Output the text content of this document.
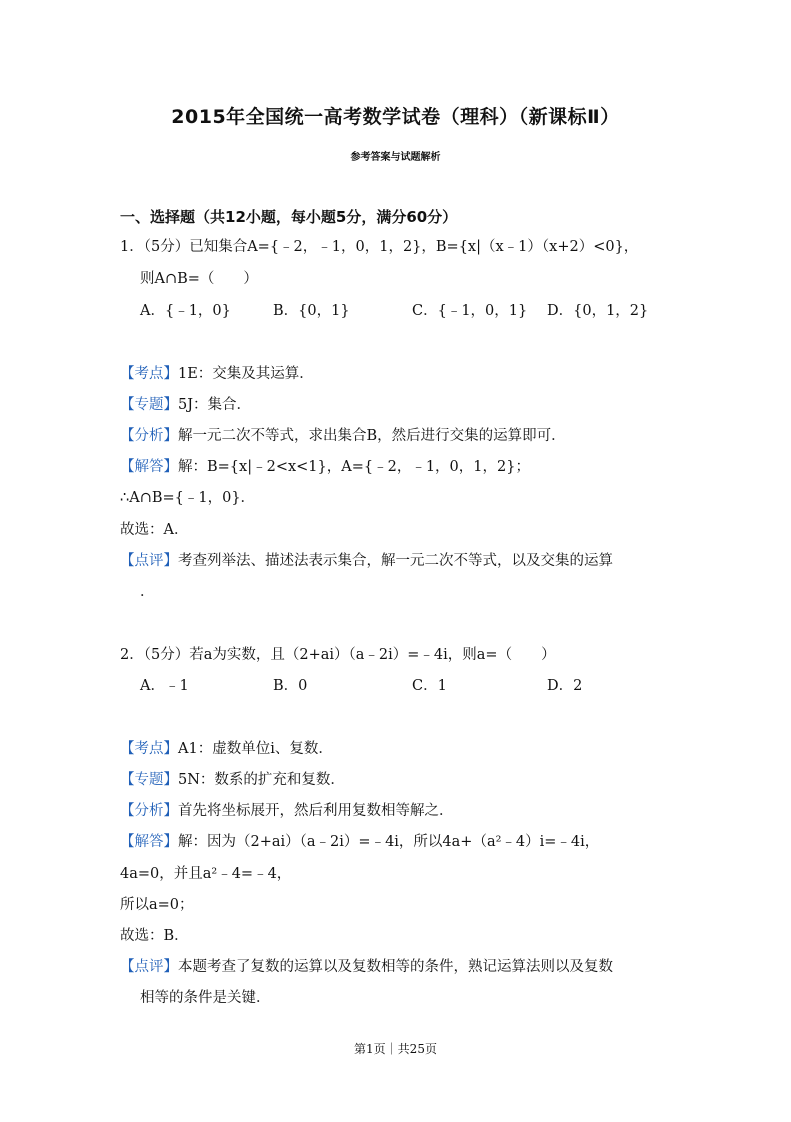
2015年全国统一高考数学试卷（理科）（新课标Ⅱ）
参考答案与试题解析
一、选择题（共12小题，每小题5分，满分60分）
1．（5分）已知集合A={﹣2，﹣1，0，1，2}，B={x|（x﹣1）（x+2）<0}，
则A∩B=（　　）
A．{﹣1，0}	B．{0，1}	C．{﹣1，0，1} D．{0，1，2}
【考点】1E：交集及其运算．
【专题】5J：集合．
【分析】解一元二次不等式，求出集合B，然后进行交集的运算即可．
【解答】解：B={x|﹣2<x<1}，A={﹣2，﹣1，0，1，2}；
∴A∩B={﹣1，0}．
故选：A．
【点评】考查列举法、描述法表示集合，解一元二次不等式，以及交集的运算
．
2．（5分）若a为实数，且（2+ai）（a﹣2i）=﹣4i，则a=（　　）
A．﹣1	B．0	C．1	D．2
【考点】A1：虚数单位i、复数．
【专题】5N：数系的扩充和复数．
【分析】首先将坐标展开，然后利用复数相等解之．
【解答】解：因为（2+ai）（a﹣2i）=﹣4i，所以4a+（a²﹣4）i=﹣4i，
4a=0，并且a²﹣4=﹣4，
所以a=0；
故选：B．
【点评】本题考查了复数的运算以及复数相等的条件，熟记运算法则以及复数
相等的条件是关键．
第1页｜共25页
